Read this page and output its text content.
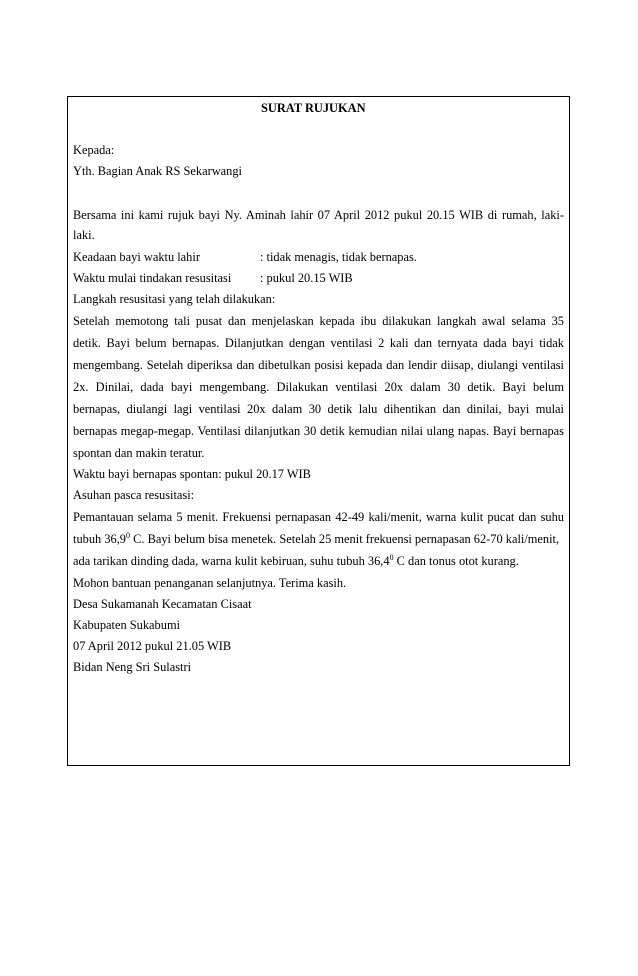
SURAT RUJUKAN
Kepada:
Yth. Bagian Anak RS Sekarwangi
Bersama ini kami rujuk bayi Ny. Aminah lahir 07 April 2012 pukul 20.15 WIB di rumah, laki-
laki.
Keadaan bayi waktu lahir	: tidak menagis, tidak bernapas.
Waktu mulai tindakan resusitasi : pukul 20.15 WIB
Langkah resusitasi yang telah dilakukan:
Setelah memotong tali pusat dan menjelaskan kepada ibu dilakukan langkah awal selama 35
detik. Bayi belum bernapas. Dilanjutkan dengan ventilasi 2 kali dan ternyata dada bayi tidak
mengembang. Setelah diperiksa dan dibetulkan posisi kepada dan lendir diisap, diulangi ventilasi
2x. Dinilai, dada bayi mengembang. Dilakukan ventilasi 20x dalam 30 detik. Bayi belum
bernapas, diulangi lagi ventilasi 20x dalam 30 detik lalu dihentikan dan dinilai, bayi mulai
bernapas megap-megap. Ventilasi dilanjutkan 30 detik kemudian nilai ulang napas. Bayi bernapas
spontan dan makin teratur.
Waktu bayi bernapas spontan: pukul 20.17 WIB
Asuhan pasca resusitasi:
Pemantauan selama 5 menit. Frekuensi pernapasan 42-49 kali/menit, warna kulit pucat dan suhu
tubuh 36,9$^0$ C. Bayi belum bisa menetek. Setelah 25 menit frekuensi pernapasan 62-70 kali/menit,
ada tarikan dinding dada, warna kulit kebiruan, suhu tubuh 36,4$^0$ C dan tonus otot kurang.
Mohon bantuan penanganan selanjutnya. Terima kasih.
Desa Sukamanah Kecamatan Cisaat
Kabupaten Sukabumi
07 April 2012 pukul 21.05 WIB
Bidan Neng Sri Sulastri
